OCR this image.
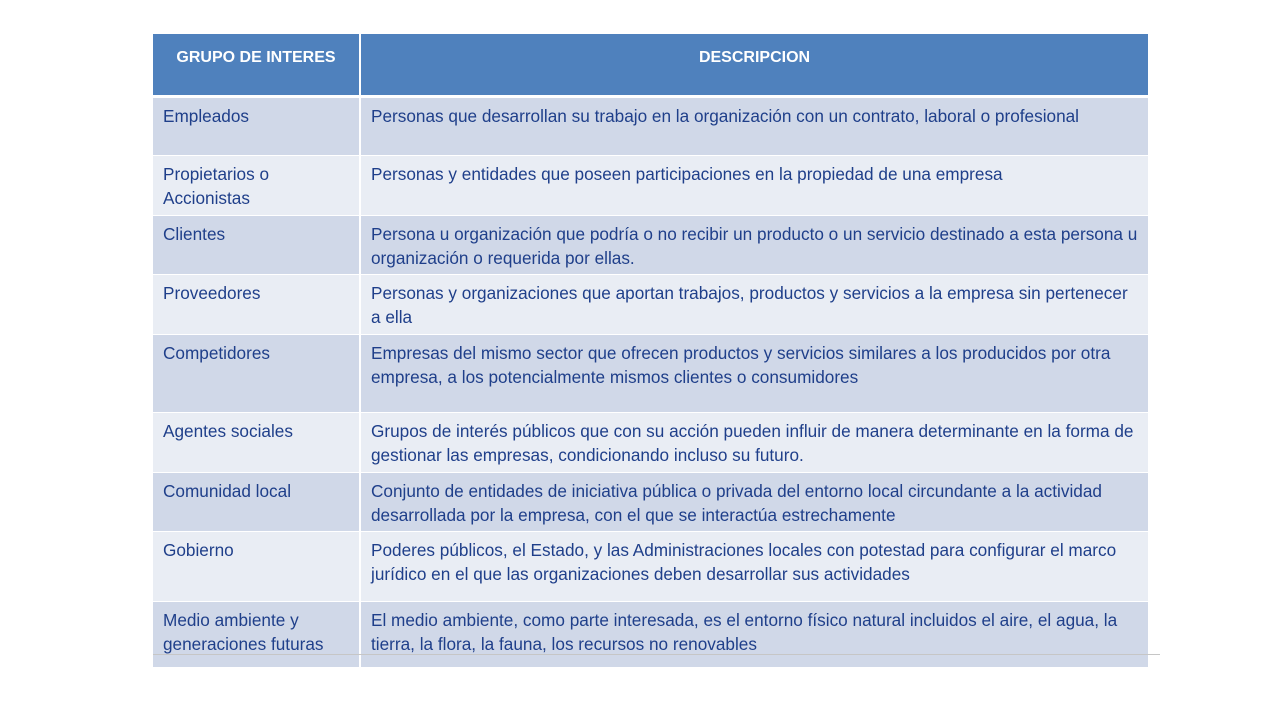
GRUPO DE INTERES	DESCRIPCION
Empleados	Personas que desarrollan su trabajo en la organización con un contrato, laboral o profesional
Propietarios o Accionistas	Personas y entidades que poseen participaciones en la propiedad de una empresa
Clientes	Persona u organización que podría o no recibir un producto o un servicio destinado a esta persona u organización o requerida por ellas.
Proveedores	Personas y organizaciones que aportan trabajos, productos y servicios a la empresa sin pertenecer a ella
Competidores	Empresas del mismo sector que ofrecen productos y servicios similares a los producidos por otra empresa, a los potencialmente mismos clientes o consumidores
Agentes sociales	Grupos de interés públicos que con su acción pueden influir de manera determinante en la forma de gestionar las empresas, condicionando incluso su futuro.
Comunidad local	Conjunto de entidades de iniciativa pública o privada del entorno local circundante a la actividad desarrollada por la empresa, con el que se interactúa estrechamente
Gobierno	Poderes públicos, el Estado, y las Administraciones locales con potestad para configurar el marco jurídico en el que las organizaciones deben desarrollar sus actividades
Medio ambiente y generaciones futuras	El medio ambiente, como parte interesada, es el entorno físico natural incluidos el aire, el agua, la tierra, la flora, la fauna, los recursos no renovables
